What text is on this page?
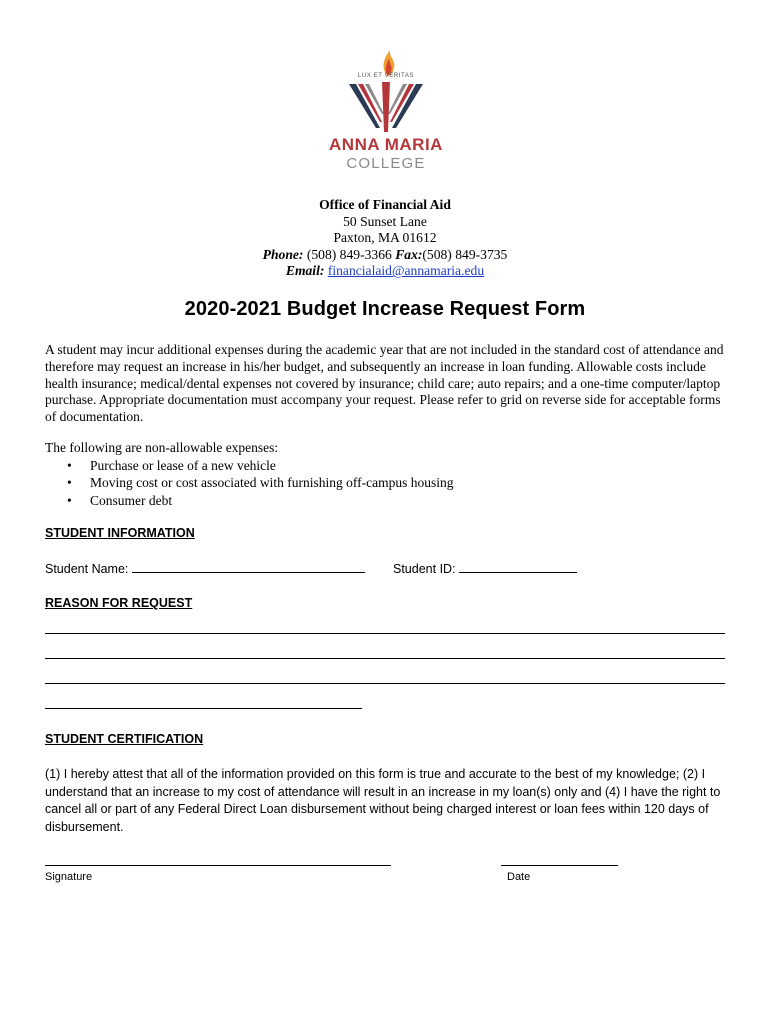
LUX ET VERITAS
ANNA MARIA
COLLEGE
Office of Financial Aid
50 Sunset Lane
Paxton, MA 01612
Phone: (508) 849-3366 Fax:(508) 849-3735
Email: financialaid@annamaria.edu
2020-2021 Budget Increase Request Form
A student may incur additional expenses during the academic year that are not included in the standard cost of attendance and therefore may request an increase in his/her budget, and subsequently an increase in loan funding. Allowable costs include health insurance; medical/dental expenses not covered by insurance; child care; auto repairs; and a one-time computer/laptop purchase. Appropriate documentation must accompany your request. Please refer to grid on reverse side for acceptable forms of documentation.
The following are non-allowable expenses:
• Purchase or lease of a new vehicle
• Moving cost or cost associated with furnishing off-campus housing
• Consumer debt
STUDENT INFORMATION
Student Name:	Student ID:
REASON FOR REQUEST
STUDENT CERTIFICATION
(1) I hereby attest that all of the information provided on this form is true and accurate to the best of my knowledge; (2) I understand that an increase to my cost of attendance will result in an increase in my loan(s) only and (4) I have the right to cancel all or part of any Federal Direct Loan disbursement without being charged interest or loan fees within 120 days of disbursement.
Signature	Date
